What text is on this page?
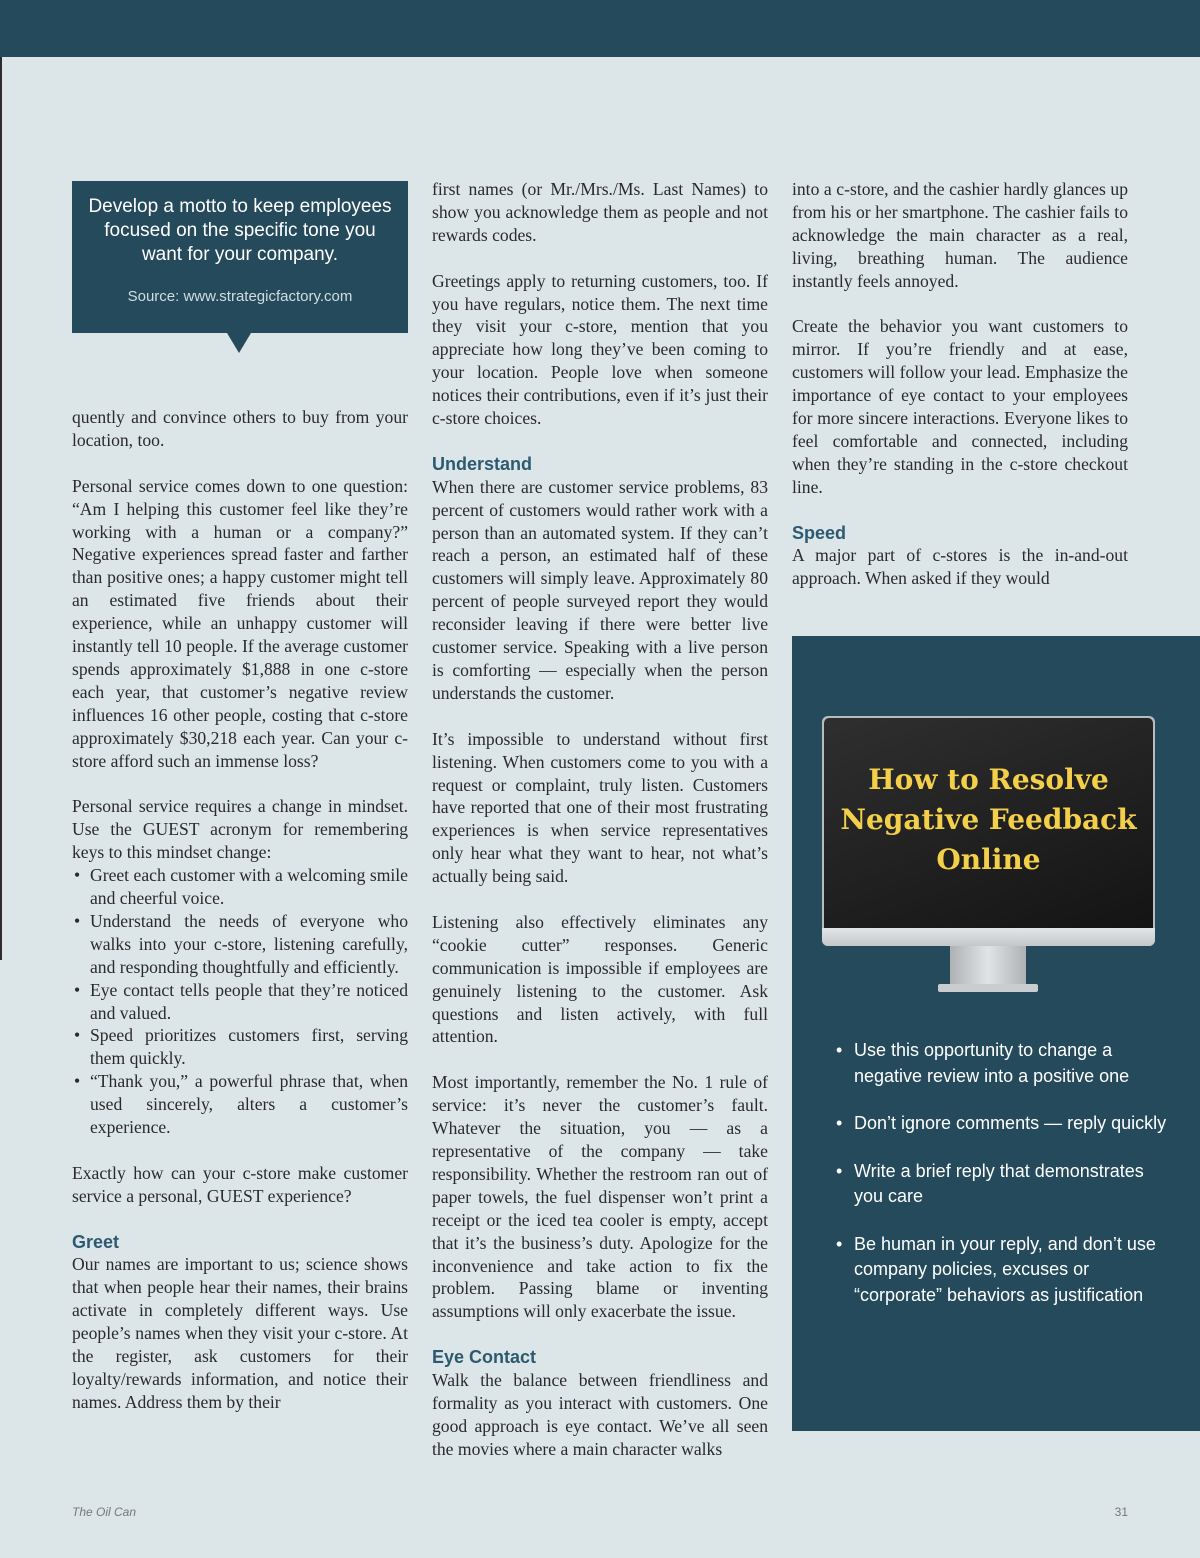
Develop a motto to keep employees focused on the specific tone you want for your company.
Source: www.strategicfactory.com

quently and convince others to buy from your location, too.

Personal service comes down to one question: “Am I helping this customer feel like they’re working with a human or a company?” Negative experiences spread faster and farther than positive ones; a happy customer might tell an estimated five friends about their experience, while an unhappy customer will instantly tell 10 people. If the average customer spends approximately $1,888 in one c-store each year, that customer’s negative review influences 16 other people, costing that c-store approximately $30,218 each year. Can your c-store afford such an immense loss?

Personal service requires a change in mindset. Use the GUEST acronym for remembering keys to this mindset change:

• Greet each customer with a welcoming smile and cheerful voice.
• Understand the needs of everyone who walks into your c-store, listening carefully, and responding thoughtfully and efficiently.
• Eye contact tells people that they’re noticed and valued.
• Speed prioritizes customers first, serving them quickly.
• “Thank you,” a powerful phrase that, when used sincerely, alters a customer’s experience.

Exactly how can your c-store make customer service a personal, GUEST experience?

Greet

Our names are important to us; science shows that when people hear their names, their brains activate in completely different ways. Use people’s names when they visit your c-store. At the register, ask customers for their loyalty/rewards information, and notice their names. Address them by their

first names (or Mr./Mrs./Ms. Last Names) to show you acknowledge them as people and not rewards codes.

Greetings apply to returning customers, too. If you have regulars, notice them. The next time they visit your c-store, mention that you appreciate how long they’ve been coming to your location. People love when someone notices their contributions, even if it’s just their c-store choices.

Understand

When there are customer service problems, 83 percent of customers would rather work with a person than an automated system. If they can’t reach a person, an estimated half of these customers will simply leave. Approximately 80 percent of people surveyed report they would reconsider leaving if there were better live customer service. Speaking with a live person is comforting — especially when the person understands the customer.

It’s impossible to understand without first listening. When customers come to you with a request or complaint, truly listen. Customers have reported that one of their most frustrating experiences is when service representatives only hear what they want to hear, not what’s actually being said.

Listening also effectively eliminates any “cookie cutter” responses. Generic communication is impossible if employees are genuinely listening to the customer. Ask questions and listen actively, with full attention.

Most importantly, remember the No. 1 rule of service: it’s never the customer’s fault. Whatever the situation, you — as a representative of the company — take responsibility. Whether the restroom ran out of paper towels, the fuel dispenser won’t print a receipt or the iced tea cooler is empty, accept that it’s the business’s duty. Apologize for the inconvenience and take action to fix the problem. Passing blame or inventing assumptions will only exacerbate the issue.

Eye Contact

Walk the balance between friendliness and formality as you interact with customers. One good approach is eye contact. We’ve all seen the movies where a main character walks

into a c-store, and the cashier hardly glances up from his or her smartphone. The cashier fails to acknowledge the main character as a real, living, breathing human. The audience instantly feels annoyed.

Create the behavior you want customers to mirror. If you’re friendly and at ease, customers will follow your lead. Emphasize the importance of eye contact to your employees for more sincere interactions. Everyone likes to feel comfortable and connected, including when they’re standing in the c-store checkout line.

Speed

A major part of c-stores is the in-and-out approach. When asked if they would

How to Resolve Negative Feedback Online
• Use this opportunity to change a negative review into a positive one
• Don’t ignore comments — reply quickly
• Write a brief reply that demonstrates you care
• Be human in your reply, and don’t use company policies, excuses or “corporate” behaviors as justification
The Oil Can	31
